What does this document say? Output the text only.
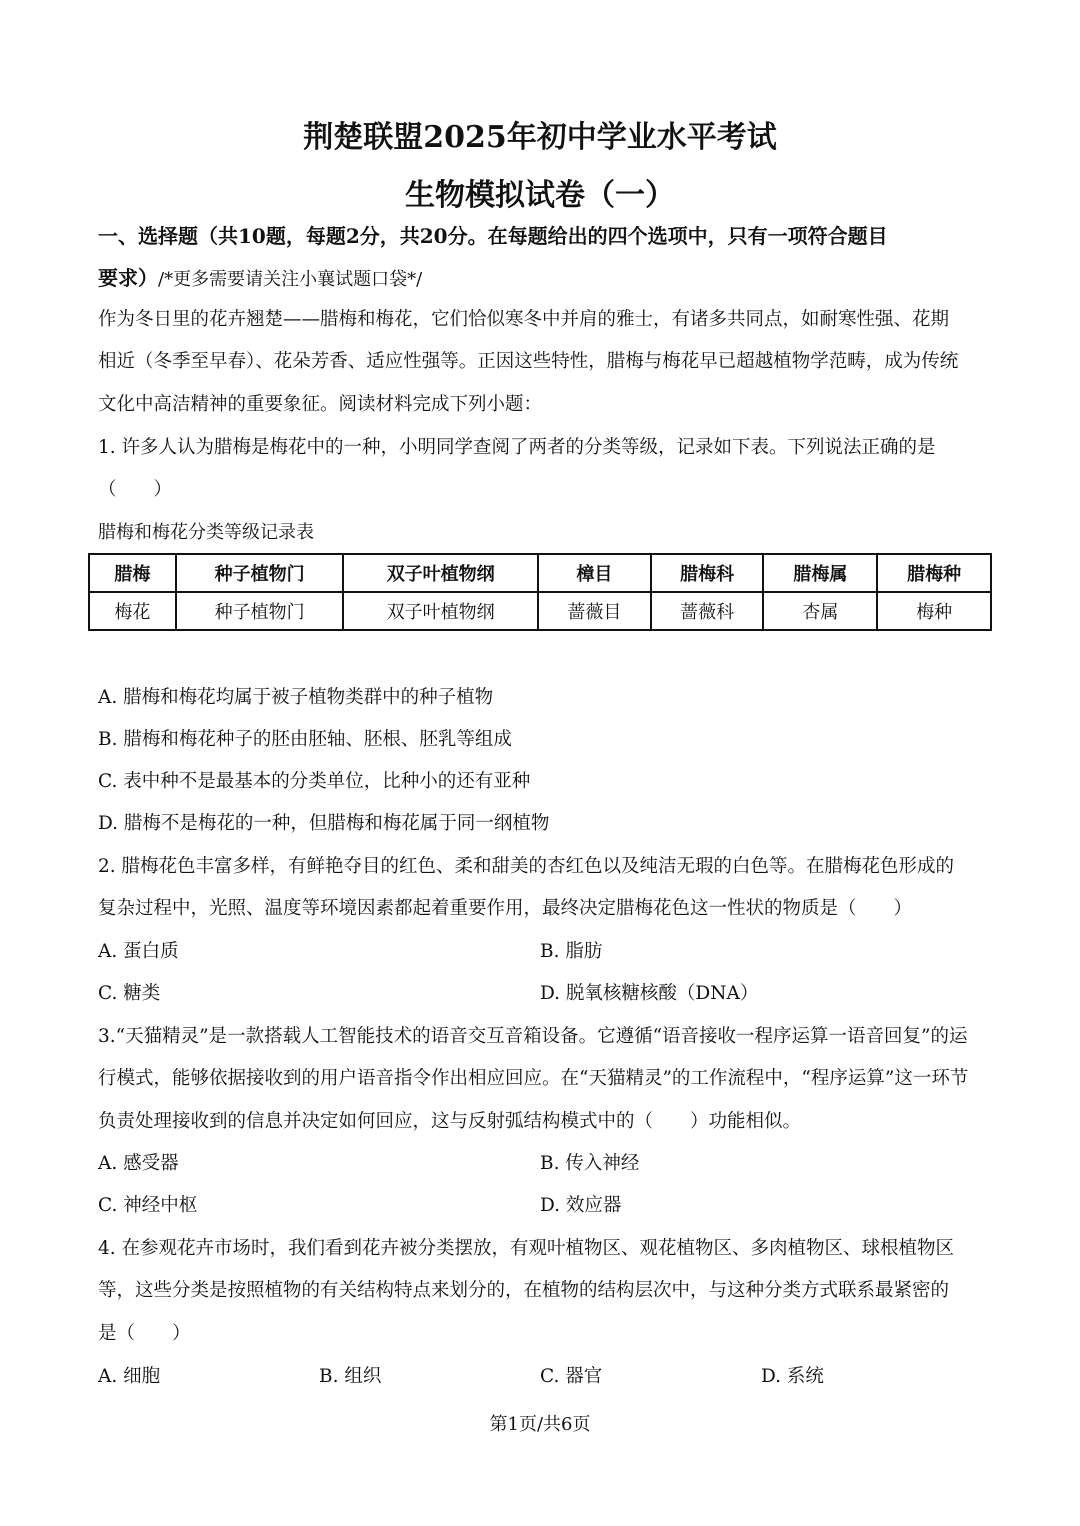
荆楚联盟2025年初中学业水平考试
生物模拟试卷（一）
一、选择题（共10题，每题2分，共20分。在每题给出的四个选项中，只有一项符合题目
要求）/*更多需要请关注小襄试题口袋*/
作为冬日里的花卉翘楚——腊梅和梅花，它们恰似寒冬中并肩的雅士，有诸多共同点，如耐寒性强、花期
相近（冬季至早春）、花朵芳香、适应性强等。正因这些特性，腊梅与梅花早已超越植物学范畴，成为传统
文化中高洁精神的重要象征。阅读材料完成下列小题：
1. 许多人认为腊梅是梅花中的一种，小明同学查阅了两者的分类等级，记录如下表。下列说法正确的是
（　　）
腊梅和梅花分类等级记录表
腊梅	种子植物门	双子叶植物纲	樟目	腊梅科	腊梅属	腊梅种
梅花	种子植物门	双子叶植物纲	蔷薇目	蔷薇科	杏属	梅种
A. 腊梅和梅花均属于被子植物类群中的种子植物
B. 腊梅和梅花种子的胚由胚轴、胚根、胚乳等组成
C. 表中种不是最基本的分类单位，比种小的还有亚种
D. 腊梅不是梅花的一种，但腊梅和梅花属于同一纲植物
2. 腊梅花色丰富多样，有鲜艳夺目的红色、柔和甜美的杏红色以及纯洁无瑕的白色等。在腊梅花色形成的
复杂过程中，光照、温度等环境因素都起着重要作用，最终决定腊梅花色这一性状的物质是（　　）
A. 蛋白质	B. 脂肪
C. 糖类	D. 脱氧核糖核酸（DNA）
3.“天猫精灵”是一款搭载人工智能技术的语音交互音箱设备。它遵循“语音接收一程序运算一语音回复”的运
行模式，能够依据接收到的用户语音指令作出相应回应。在“天猫精灵”的工作流程中，“程序运算”这一环节
负责处理接收到的信息并决定如何回应，这与反射弧结构模式中的（　　）功能相似。
A. 感受器	B. 传入神经
C. 神经中枢	D. 效应器
4. 在参观花卉市场时，我们看到花卉被分类摆放，有观叶植物区、观花植物区、多肉植物区、球根植物区
等，这些分类是按照植物的有关结构特点来划分的，在植物的结构层次中，与这种分类方式联系最紧密的
是（　　）
A. 细胞	B. 组织	C. 器官	D. 系统
第1页/共6页
